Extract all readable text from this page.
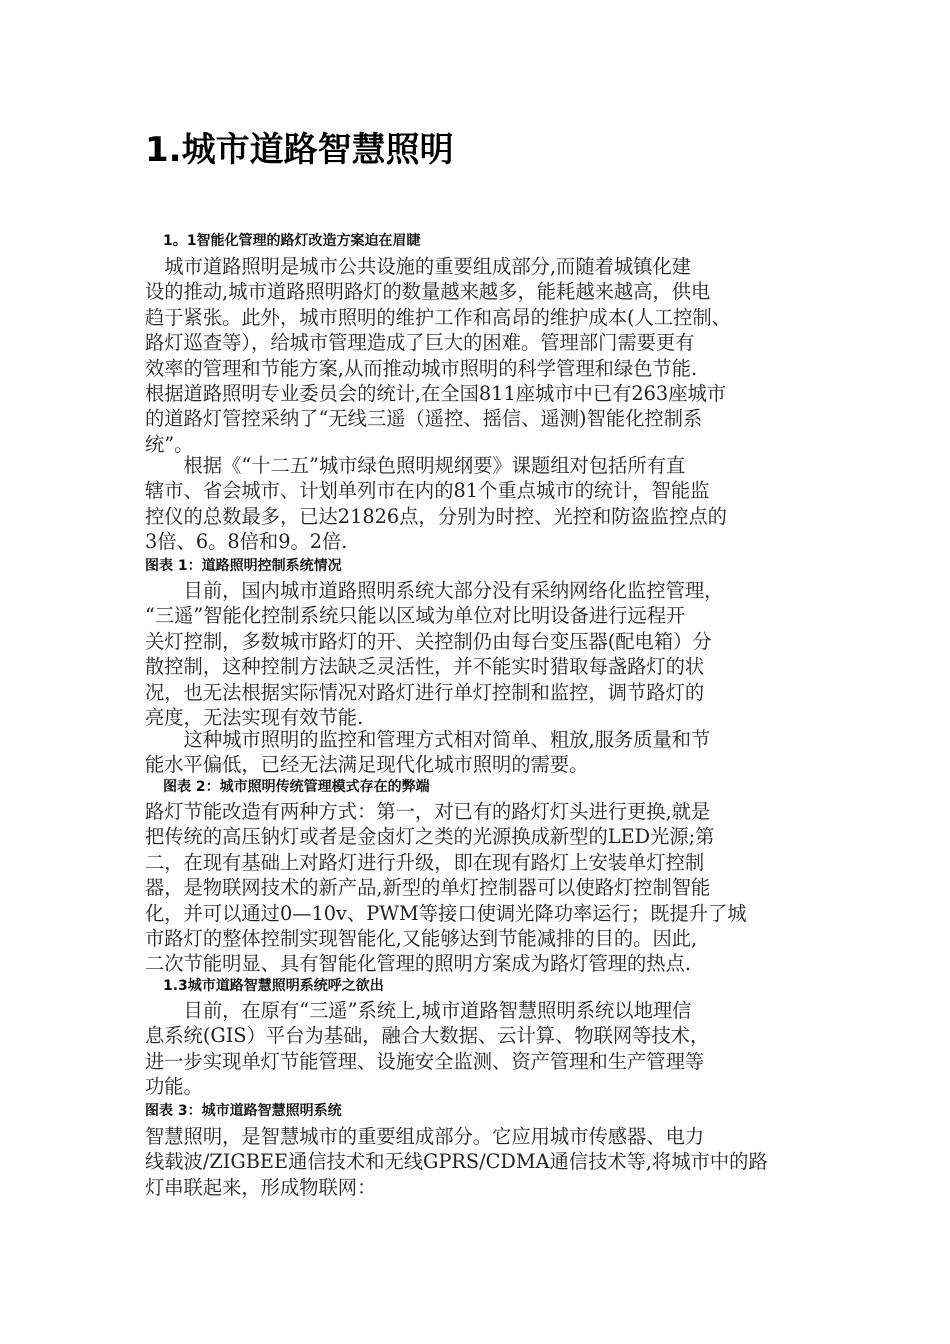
1.城市道路智慧照明
1。1智能化管理的路灯改造方案迫在眉睫
　城市道路照明是城市公共设施的重要组成部分,而随着城镇化建
设的推动,城市道路照明路灯的数量越来越多，能耗越来越高，供电
趋于紧张。此外，城市照明的维护工作和高昂的维护成本(人工控制、
路灯巡查等），给城市管理造成了巨大的困难。管理部门需要更有
效率的管理和节能方案,从而推动城市照明的科学管理和绿色节能.
根据道路照明专业委员会的统计,在全国811座城市中已有263座城市
的道路灯管控采纳了“无线三遥（遥控、摇信、遥测)智能化控制系
统”。
　　根据《“十二五”城市绿色照明规纲要》课题组对包括所有直
辖市、省会城市、计划单列市在内的81个重点城市的统计，智能监
控仪的总数最多，已达21826点，分别为时控、光控和防盗监控点的
3倍、6。8倍和9。2倍.
图表 1：道路照明控制系统情况
　　目前，国内城市道路照明系统大部分没有采纳网络化监控管理，
“三遥”智能化控制系统只能以区域为单位对比明设备进行远程开
关灯控制，多数城市路灯的开、关控制仍由每台变压器(配电箱）分
散控制，这种控制方法缺乏灵活性，并不能实时猎取每盏路灯的状
况，也无法根据实际情况对路灯进行单灯控制和监控，调节路灯的
亮度，无法实现有效节能.
　　这种城市照明的监控和管理方式相对简单、粗放,服务质量和节
能水平偏低，已经无法满足现代化城市照明的需要。
图表 2：城市照明传统管理模式存在的弊端
路灯节能改造有两种方式：第一，对已有的路灯灯头进行更换,就是
把传统的高压钠灯或者是金卤灯之类的光源换成新型的LED光源;第
二，在现有基础上对路灯进行升级，即在现有路灯上安装单灯控制
器，是物联网技术的新产品,新型的单灯控制器可以使路灯控制智能
化，并可以通过0—10v、PWM等接口使调光降功率运行；既提升了城
市路灯的整体控制实现智能化,又能够达到节能减排的目的。因此,
二次节能明显、具有智能化管理的照明方案成为路灯管理的热点.
1.3城市道路智慧照明系统呼之欲出
　　目前，在原有“三遥”系统上,城市道路智慧照明系统以地理信
息系统(GIS）平台为基础，融合大数据、云计算、物联网等技术，
进一步实现单灯节能管理、设施安全监测、资产管理和生产管理等
功能。
图表 3：城市道路智慧照明系统
智慧照明，是智慧城市的重要组成部分。它应用城市传感器、电力
线载波/ZIGBEE通信技术和无线GPRS/CDMA通信技术等,将城市中的路
灯串联起来，形成物联网：
